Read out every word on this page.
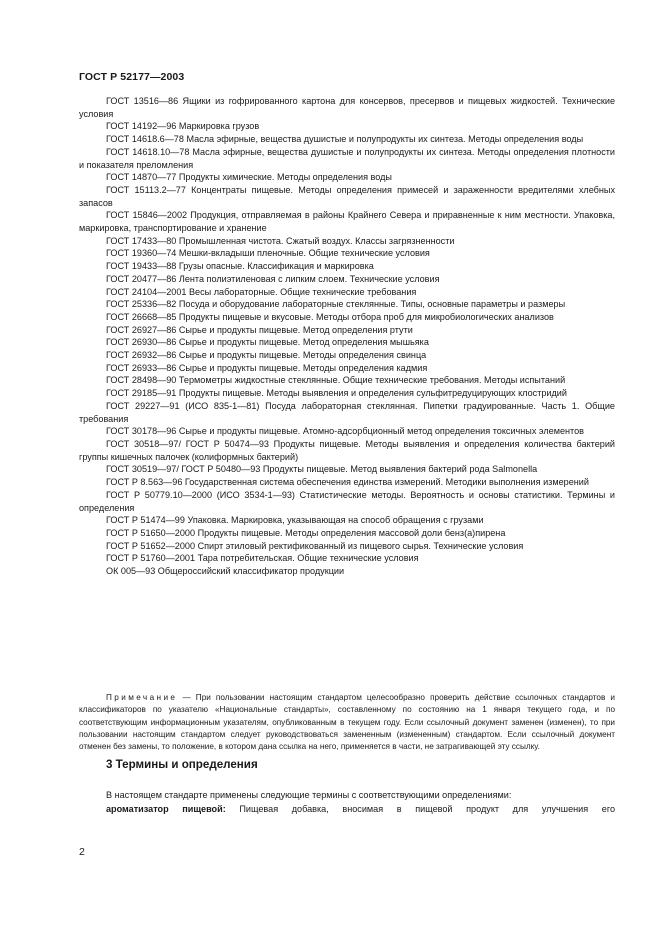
ГОСТ Р 52177—2003

ГОСТ 13516—86 Ящики из гофрированного картона для консервов, пресервов и пищевых жидкостей. Технические условия

ГОСТ 14192—96 Маркировка грузов

ГОСТ 14618.6—78 Масла эфирные, вещества душистые и полупродукты их синтеза. Методы определения воды

ГОСТ 14618.10—78 Масла эфирные, вещества душистые и полупродукты их синтеза. Методы определения плотности и показателя преломления

ГОСТ 14870—77 Продукты химические. Методы определения воды

ГОСТ 15113.2—77 Концентраты пищевые. Методы определения примесей и зараженности вредителями хлебных запасов

ГОСТ 15846—2002 Продукция, отправляемая в районы Крайнего Севера и приравненные к ним местности. Упаковка, маркировка, транспортирование и хранение

ГОСТ 17433—80 Промышленная чистота. Сжатый воздух. Классы загрязненности

ГОСТ 19360—74 Мешки-вкладыши пленочные. Общие технические условия

ГОСТ 19433—88 Грузы опасные. Классификация и маркировка

ГОСТ 20477—86 Лента полиэтиленовая с липким слоем. Технические условия

ГОСТ 24104—2001 Весы лабораторные. Общие технические требования

ГОСТ 25336—82 Посуда и оборудование лабораторные стеклянные. Типы, основные параметры и размеры

ГОСТ 26668—85 Продукты пищевые и вкусовые. Методы отбора проб для микробиологических анализов

ГОСТ 26927—86 Сырье и продукты пищевые. Метод определения ртути

ГОСТ 26930—86 Сырье и продукты пищевые. Метод определения мышьяка

ГОСТ 26932—86 Сырье и продукты пищевые. Методы определения свинца

ГОСТ 26933—86 Сырье и продукты пищевые. Методы определения кадмия

ГОСТ 28498—90 Термометры жидкостные стеклянные. Общие технические требования. Методы испытаний

ГОСТ 29185—91 Продукты пищевые. Методы выявления и определения сульфитредуцирующих клостридий

ГОСТ 29227—91 (ИСО 835-1—81) Посуда лабораторная стеклянная. Пипетки градуированные. Часть 1. Общие требования

ГОСТ 30178—96 Сырье и продукты пищевые. Атомно-адсорбционный метод определения токсичных элементов

ГОСТ 30518—97/ ГОСТ Р 50474—93 Продукты пищевые. Методы выявления и определения количества бактерий группы кишечных палочек (колиформных бактерий)

ГОСТ 30519—97/ ГОСТ Р 50480—93 Продукты пищевые. Метод выявления бактерий рода Salmonella

ГОСТ Р 8.563—96 Государственная система обеспечения единства измерений. Методики выполнения измерений

ГОСТ Р 50779.10—2000 (ИСО 3534-1—93) Статистические методы. Вероятность и основы статистики. Термины и определения

ГОСТ Р 51474—99 Упаковка. Маркировка, указывающая на способ обращения с грузами

ГОСТ Р 51650—2000 Продукты пищевые. Методы определения массовой доли бенз(а)пирена

ГОСТ Р 51652—2000 Спирт этиловый ректификованный из пищевого сырья. Технические условия

ГОСТ Р 51760—2001 Тара потребительская. Общие технические условия

ОК 005—93 Общероссийский классификатор продукции

Примечание — При пользовании настоящим стандартом целесообразно проверить действие ссылочных стандартов и классификаторов по указателю «Национальные стандарты», составленному по состоянию на 1 января текущего года, и по соответствующим информационным указателям, опубликованным в текущем году. Если ссылочный документ заменен (изменен), то при пользовании настоящим стандартом следует руководствоваться замененным (измененным) стандартом. Если ссылочный документ отменен без замены, то положение, в котором дана ссылка на него, применяется в части, не затрагивающей эту ссылку.

3 Термины и определения

В настоящем стандарте применены следующие термины с соответствующими определениями:

ароматизатор пищевой: Пищевая добавка, вносимая в пищевой продукт для улучшения его

2
